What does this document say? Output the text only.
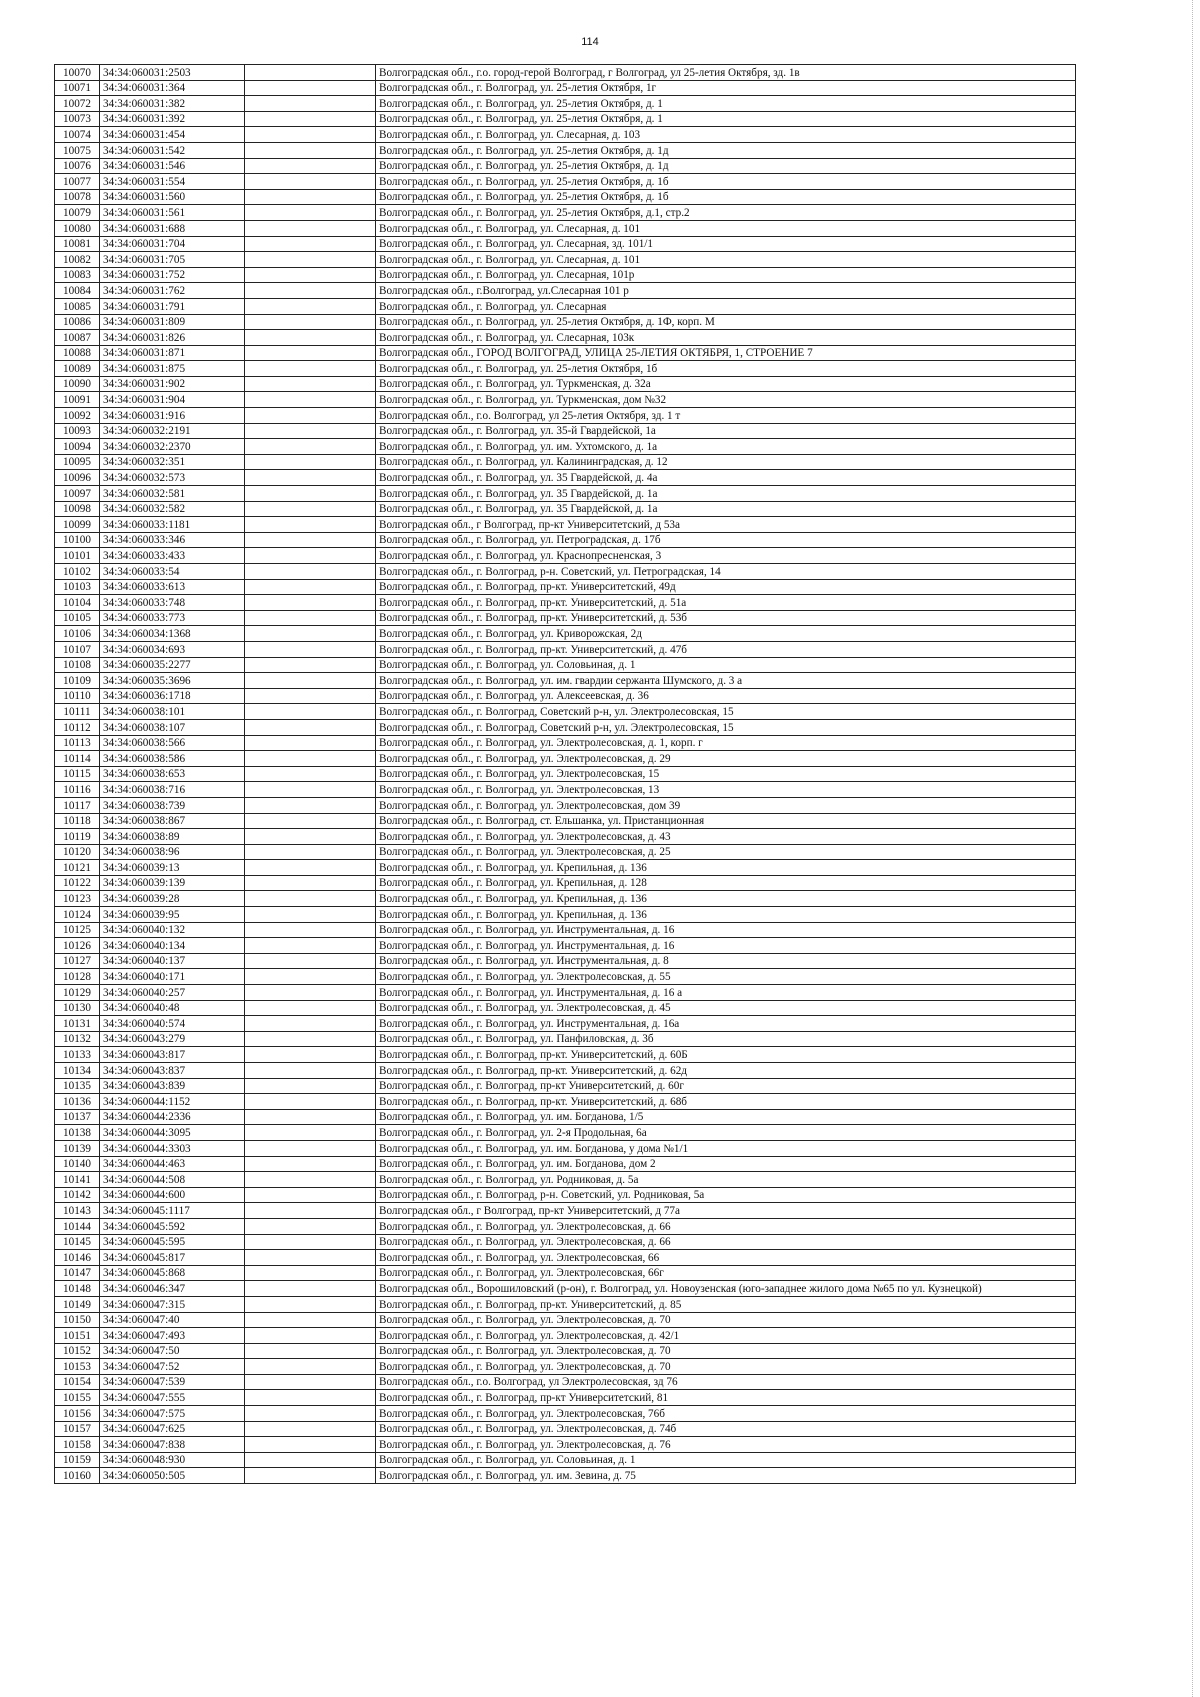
114
10070	34:34:060031:2503		Волгоградская обл., г.о. город-герой Волгоград, г Волгоград, ул 25-летия Октября, зд. 1в
10071	34:34:060031:364		Волгоградская обл., г. Волгоград, ул. 25-летия Октября, 1г
10072	34:34:060031:382		Волгоградская обл., г. Волгоград, ул. 25-летия Октября, д. 1
10073	34:34:060031:392		Волгоградская обл., г. Волгоград, ул. 25-летия Октября, д. 1
10074	34:34:060031:454		Волгоградская обл., г. Волгоград, ул. Слесарная, д. 103
10075	34:34:060031:542		Волгоградская обл., г. Волгоград, ул. 25-летия Октября, д. 1д
10076	34:34:060031:546		Волгоградская обл., г. Волгоград, ул. 25-летия Октября, д. 1д
10077	34:34:060031:554		Волгоградская обл., г. Волгоград, ул. 25-летия Октября, д. 1б
10078	34:34:060031:560		Волгоградская обл., г. Волгоград, ул. 25-летия Октября, д. 1б
10079	34:34:060031:561		Волгоградская обл., г. Волгоград, ул. 25-летия Октября, д.1, стр.2
10080	34:34:060031:688		Волгоградская обл., г. Волгоград, ул. Слесарная, д. 101
10081	34:34:060031:704		Волгоградская обл., г. Волгоград, ул. Слесарная, зд. 101/1
10082	34:34:060031:705		Волгоградская обл., г. Волгоград, ул. Слесарная, д. 101
10083	34:34:060031:752		Волгоградская обл., г. Волгоград, ул. Слесарная, 101р
10084	34:34:060031:762		Волгоградская обл., г.Волгоград, ул.Слесарная 101 р
10085	34:34:060031:791		Волгоградская обл., г. Волгоград, ул. Слесарная
10086	34:34:060031:809		Волгоградская обл., г. Волгоград, ул. 25-летия Октября, д. 1Ф, корп. М
10087	34:34:060031:826		Волгоградская обл., г. Волгоград, ул. Слесарная, 103к
10088	34:34:060031:871		Волгоградская обл., ГОРОД ВОЛГОГРАД, УЛИЦА 25-ЛЕТИЯ ОКТЯБРЯ, 1, СТРОЕНИЕ 7
10089	34:34:060031:875		Волгоградская обл., г. Волгоград, ул. 25-летия Октября, 1б
10090	34:34:060031:902		Волгоградская обл., г. Волгоград, ул. Туркменская, д. 32а
10091	34:34:060031:904		Волгоградская обл., г. Волгоград, ул. Туркменская, дом №32
10092	34:34:060031:916		Волгоградская обл., г.о. Волгоград, ул 25-летия Октября, зд. 1 т
10093	34:34:060032:2191		Волгоградская обл., г. Волгоград, ул. 35-й Гвардейской, 1а
10094	34:34:060032:2370		Волгоградская обл., г. Волгоград, ул. им. Ухтомского, д. 1а
10095	34:34:060032:351		Волгоградская обл., г. Волгоград, ул. Калининградская, д. 12
10096	34:34:060032:573		Волгоградская обл., г. Волгоград, ул. 35 Гвардейской, д. 4а
10097	34:34:060032:581		Волгоградская обл., г. Волгоград, ул. 35 Гвардейской, д. 1а
10098	34:34:060032:582		Волгоградская обл., г. Волгоград, ул. 35 Гвардейской, д. 1а
10099	34:34:060033:1181		Волгоградская обл., г Волгоград, пр-кт Университетский, д 53а
10100	34:34:060033:346		Волгоградская обл., г. Волгоград, ул. Петроградская, д. 17б
10101	34:34:060033:433		Волгоградская обл., г. Волгоград, ул. Краснопресненская, 3
10102	34:34:060033:54		Волгоградская обл., г. Волгоград, р-н. Советский, ул. Петроградская, 14
10103	34:34:060033:613		Волгоградская обл., г. Волгоград, пр-кт. Университетский, 49д
10104	34:34:060033:748		Волгоградская обл., г. Волгоград, пр-кт. Университетский, д. 51а
10105	34:34:060033:773		Волгоградская обл., г. Волгоград, пр-кт. Университетский, д. 53б
10106	34:34:060034:1368		Волгоградская обл., г. Волгоград, ул. Криворожская, 2д
10107	34:34:060034:693		Волгоградская обл., г. Волгоград, пр-кт. Университетский, д. 47б
10108	34:34:060035:2277		Волгоградская обл., г. Волгоград, ул. Соловьиная, д. 1
10109	34:34:060035:3696		Волгоградская обл., г. Волгоград, ул. им. гвардии сержанта Шумского, д. 3 а
10110	34:34:060036:1718		Волгоградская обл., г. Волгоград, ул. Алексеевская, д. 36
10111	34:34:060038:101		Волгоградская обл., г. Волгоград, Советский р-н, ул. Электролесовская, 15
10112	34:34:060038:107		Волгоградская обл., г. Волгоград, Советский р-н, ул. Электролесовская, 15
10113	34:34:060038:566		Волгоградская обл., г. Волгоград, ул. Электролесовская, д. 1, корп. г
10114	34:34:060038:586		Волгоградская обл., г. Волгоград, ул. Электролесовская, д. 29
10115	34:34:060038:653		Волгоградская обл., г. Волгоград, ул. Электролесовская, 15
10116	34:34:060038:716		Волгоградская обл., г. Волгоград, ул. Электролесовская, 13
10117	34:34:060038:739		Волгоградская обл., г. Волгоград, ул. Электролесовская, дом 39
10118	34:34:060038:867		Волгоградская обл., г. Волгоград, ст. Ельшанка, ул. Пристанционная
10119	34:34:060038:89		Волгоградская обл., г. Волгоград, ул. Электролесовская, д. 43
10120	34:34:060038:96		Волгоградская обл., г. Волгоград, ул. Электролесовская, д. 25
10121	34:34:060039:13		Волгоградская обл., г. Волгоград, ул. Крепильная, д. 136
10122	34:34:060039:139		Волгоградская обл., г. Волгоград, ул. Крепильная, д. 128
10123	34:34:060039:28		Волгоградская обл., г. Волгоград, ул. Крепильная, д. 136
10124	34:34:060039:95		Волгоградская обл., г. Волгоград, ул. Крепильная, д. 136
10125	34:34:060040:132		Волгоградская обл., г. Волгоград, ул. Инструментальная, д. 16
10126	34:34:060040:134		Волгоградская обл., г. Волгоград, ул. Инструментальная, д. 16
10127	34:34:060040:137		Волгоградская обл., г. Волгоград, ул. Инструментальная, д. 8
10128	34:34:060040:171		Волгоградская обл., г. Волгоград, ул. Электролесовская, д. 55
10129	34:34:060040:257		Волгоградская обл., г. Волгоград, ул. Инструментальная, д. 16 а
10130	34:34:060040:48		Волгоградская обл., г. Волгоград, ул. Электролесовская, д. 45
10131	34:34:060040:574		Волгоградская обл., г. Волгоград, ул. Инструментальная, д. 16а
10132	34:34:060043:279		Волгоградская обл., г. Волгоград, ул. Панфиловская, д. 3б
10133	34:34:060043:817		Волгоградская обл., г. Волгоград, пр-кт. Университетский, д. 60Б
10134	34:34:060043:837		Волгоградская обл., г. Волгоград, пр-кт. Университетский, д. 62д
10135	34:34:060043:839		Волгоградская обл., г. Волгоград, пр-кт Университетский, д. 60г
10136	34:34:060044:1152		Волгоградская обл., г. Волгоград, пр-кт. Университетский, д. 68б
10137	34:34:060044:2336		Волгоградская обл., г. Волгоград, ул. им. Богданова, 1/5
10138	34:34:060044:3095		Волгоградская обл., г. Волгоград, ул. 2-я Продольная, 6а
10139	34:34:060044:3303		Волгоградская обл., г. Волгоград, ул. им. Богданова, у дома №1/1
10140	34:34:060044:463		Волгоградская обл., г. Волгоград, ул. им. Богданова, дом 2
10141	34:34:060044:508		Волгоградская обл., г. Волгоград, ул. Родниковая, д. 5а
10142	34:34:060044:600		Волгоградская обл., г. Волгоград, р-н. Советский, ул. Родниковая, 5а
10143	34:34:060045:1117		Волгоградская обл., г Волгоград, пр-кт Университетский, д 77а
10144	34:34:060045:592		Волгоградская обл., г. Волгоград, ул. Электролесовская, д. 66
10145	34:34:060045:595		Волгоградская обл., г. Волгоград, ул. Электролесовская, д. 66
10146	34:34:060045:817		Волгоградская обл., г. Волгоград, ул. Электролесовская, 66
10147	34:34:060045:868		Волгоградская обл., г. Волгоград, ул. Электролесовская, 66г
10148	34:34:060046:347		Волгоградская обл., Ворошиловский (р-он), г. Волгоград, ул. Новоузенская (юго-западнее жилого дома №65 по ул. Кузнецкой)
10149	34:34:060047:315		Волгоградская обл., г. Волгоград, пр-кт. Университетский, д. 85
10150	34:34:060047:40		Волгоградская обл., г. Волгоград, ул. Электролесовская, д. 70
10151	34:34:060047:493		Волгоградская обл., г. Волгоград, ул. Электролесовская, д. 42/1
10152	34:34:060047:50		Волгоградская обл., г. Волгоград, ул. Электролесовская, д. 70
10153	34:34:060047:52		Волгоградская обл., г. Волгоград, ул. Электролесовская, д. 70
10154	34:34:060047:539		Волгоградская обл., г.о. Волгоград, ул Электролесовская, зд 76
10155	34:34:060047:555		Волгоградская обл., г. Волгоград, пр-кт Университетский, 81
10156	34:34:060047:575		Волгоградская обл., г. Волгоград, ул. Электролесовская, 76б
10157	34:34:060047:625		Волгоградская обл., г. Волгоград, ул. Электролесовская, д. 74б
10158	34:34:060047:838		Волгоградская обл., г. Волгоград, ул. Электролесовская, д. 76
10159	34:34:060048:930		Волгоградская обл., г. Волгоград, ул. Соловьиная, д. 1
10160	34:34:060050:505		Волгоградская обл., г. Волгоград, ул. им. Зевина, д. 75
